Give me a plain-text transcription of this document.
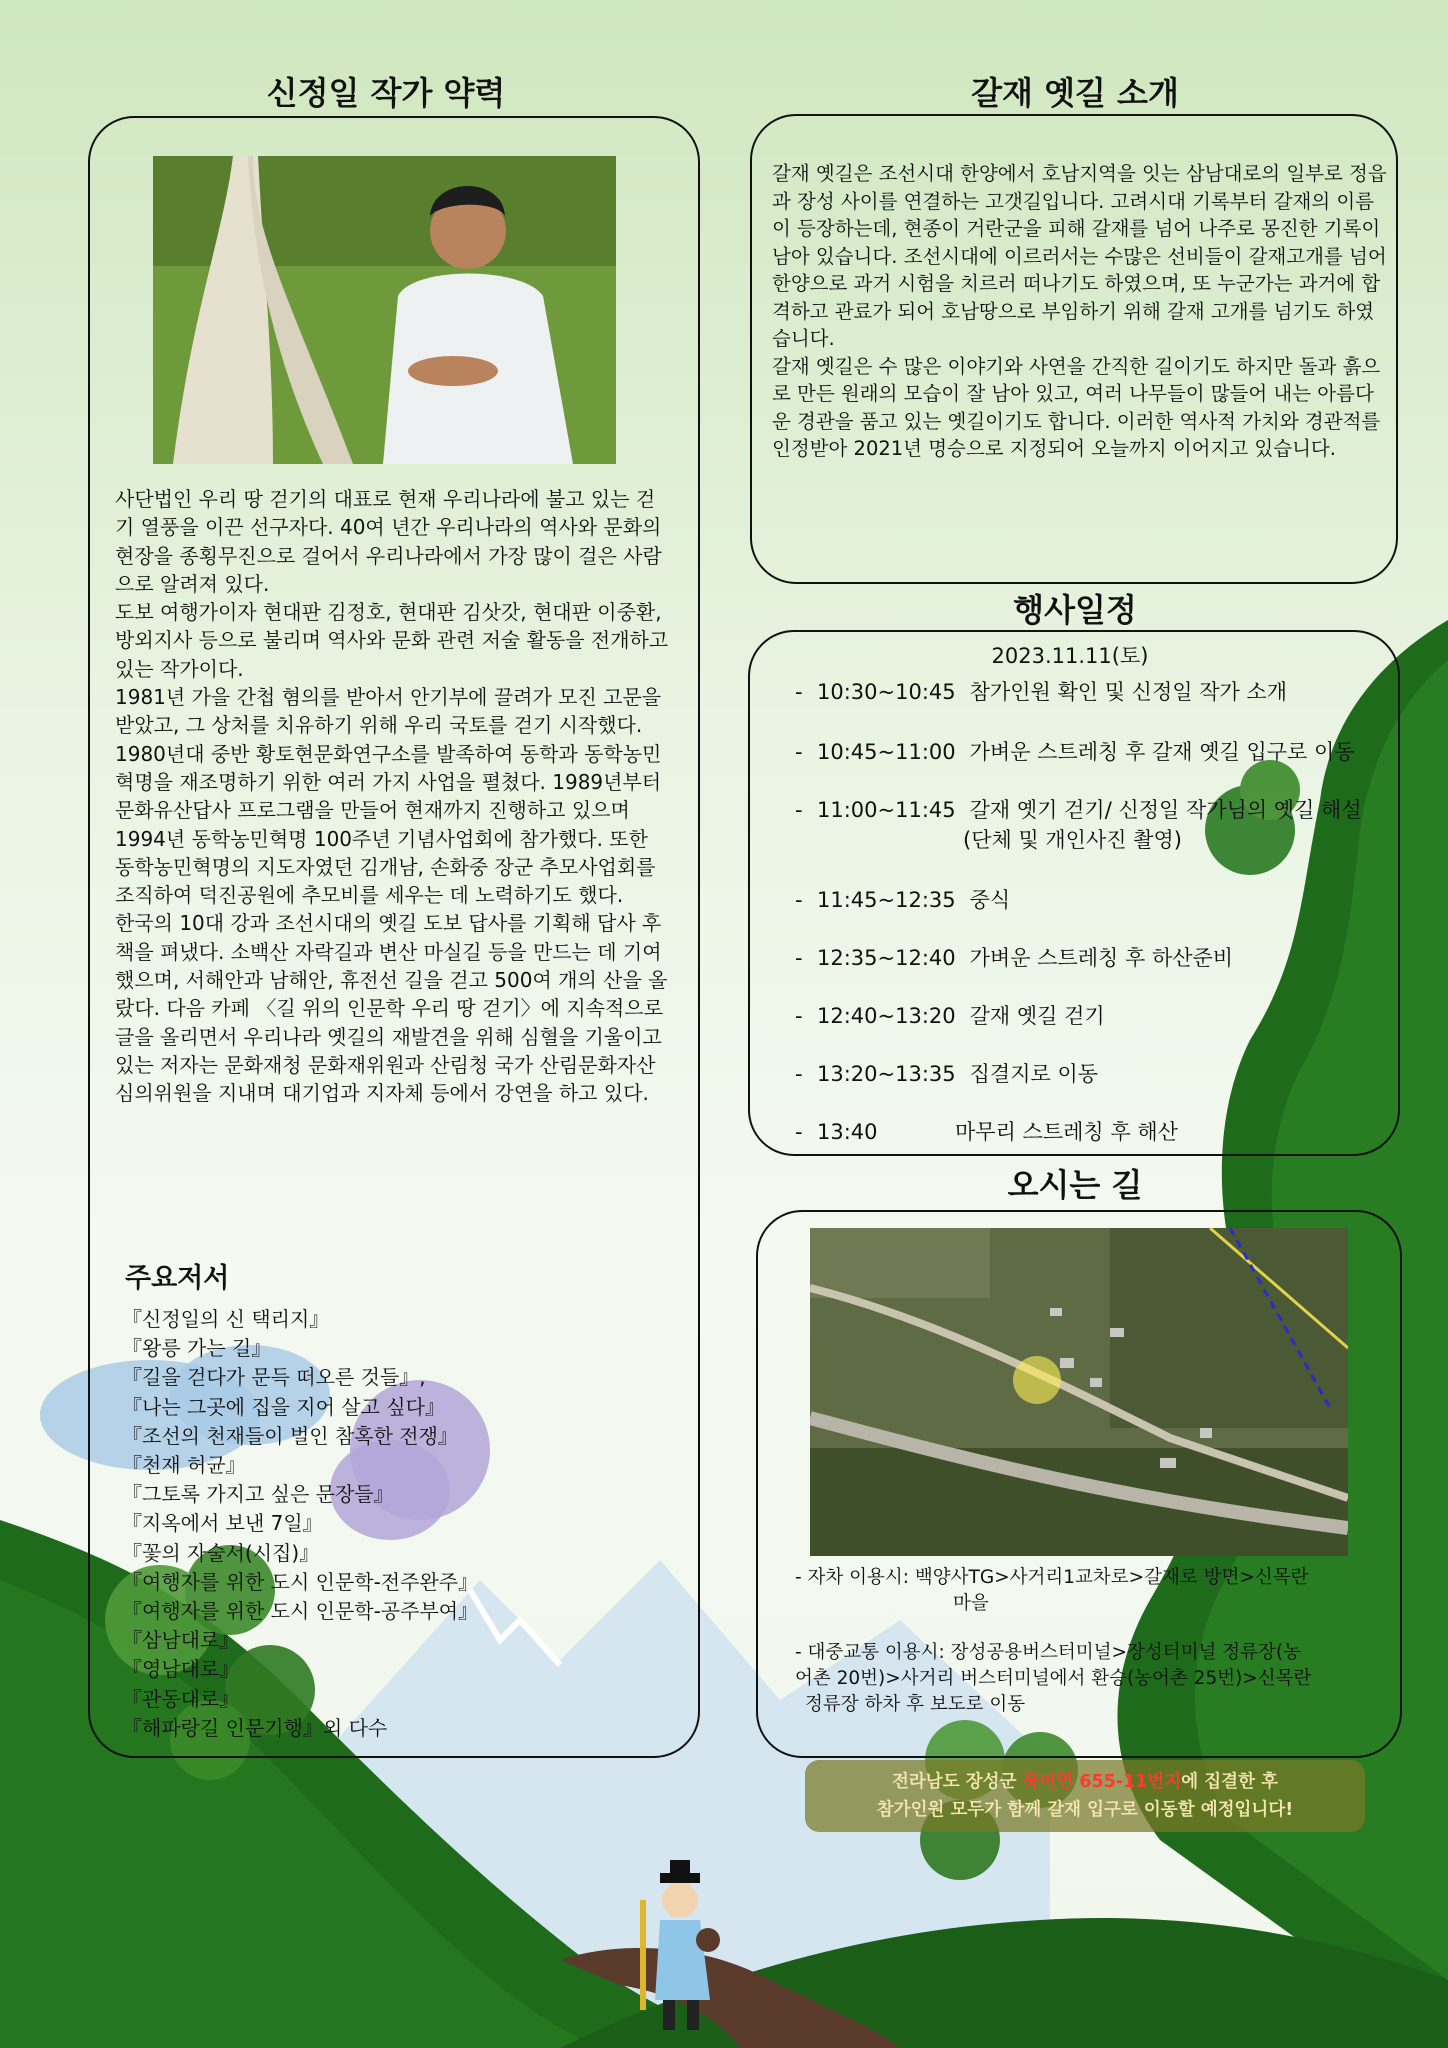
신정일 작가 약력

사단법인 우리 땅 걷기의 대표로 현재 우리나라에 불고 있는 걷기 열풍을 이끈 선구자다. 40여 년간 우리나라의 역사와 문화의 현장을 종횡무진으로 걸어서 우리나라에서 가장 많이 걸은 사람으로 알려져 있다.

도보 여행가이자 현대판 김정호, 현대판 김삿갓, 현대판 이중환, 방외지사 등으로 불리며 역사와 문화 관련 저술 활동을 전개하고 있는 작가이다.

1981년 가을 간첩 혐의를 받아서 안기부에 끌려가 모진 고문을 받았고, 그 상처를 치유하기 위해 우리 국토를 걷기 시작했다.

1980년대 중반 황토현문화연구소를 발족하여 동학과 동학농민혁명을 재조명하기 위한 여러 가지 사업을 펼쳤다. 1989년부터 문화유산답사 프로그램을 만들어 현재까지 진행하고 있으며 1994년 동학농민혁명 100주년 기념사업회에 참가했다. 또한 동학농민혁명의 지도자였던 김개남, 손화중 장군 추모사업회를 조직하여 덕진공원에 추모비를 세우는 데 노력하기도 했다.

한국의 10대 강과 조선시대의 옛길 도보 답사를 기획해 답사 후 책을 펴냈다. 소백산 자락길과 변산 마실길 등을 만드는 데 기여했으며, 서해안과 남해안, 휴전선 길을 걷고 500여 개의 산을 올랐다. 다음 카페 〈길 위의 인문학 우리 땅 걷기〉에 지속적으로 글을 올리면서 우리나라 옛길의 재발견을 위해 심혈을 기울이고 있는 저자는 문화재청 문화재위원과 산림청 국가 산림문화자산 심의위원을 지내며 대기업과 지자체 등에서 강연을 하고 있다.

주요저서
『신정일의 신 택리지』
『왕릉 가는 길』
『길을 걷다가 문득 떠오른 것들』,
『나는 그곳에 집을 지어 살고 싶다』
『조선의 천재들이 벌인 참혹한 전쟁』
『천재 허균』
『그토록 가지고 싶은 문장들』
『지옥에서 보낸 7일』
『꽃의 자술서(시집)』
『여행자를 위한 도시 인문학-전주완주』
『여행자를 위한 도시 인문학-공주부여』
『삼남대로』
『영남대로』
『관동대로』
『해파랑길 인문기행』외 다수
갈재 옛길 소개

갈재 옛길은 조선시대 한양에서 호남지역을 잇는 삼남대로의 일부로 정읍과 장성 사이를 연결하는 고갯길입니다. 고려시대 기록부터 갈재의 이름이 등장하는데, 현종이 거란군을 피해 갈재를 넘어 나주로 몽진한 기록이 남아 있습니다. 조선시대에 이르러서는 수많은 선비들이 갈재고개를 넘어 한양으로 과거 시험을 치르러 떠나기도 하였으며, 또 누군가는 과거에 합격하고 관료가 되어 호남땅으로 부임하기 위해 갈재 고개를 넘기도 하였습니다.

갈재 옛길은 수 많은 이야기와 사연을 간직한 길이기도 하지만 돌과 흙으로 만든 원래의 모습이 잘 남아 있고, 여러 나무들이 많들어 내는 아름다운 경관을 품고 있는 옛길이기도 합니다. 이러한 역사적 가치와 경관적를 인정받아 2021년 명승으로 지정되어 오늘까지 이어지고 있습니다.

행사일정

2023.11.11(토)

- 10:30~10:45 참가인원 확인 및 신정일 작가 소개
- 10:45~11:00 가벼운 스트레칭 후 갈재 옛길 입구로 이동
- 11:00~11:45 갈재 옛기 걷기/ 신정일 작가님의 옛길 해설
(단체 및 개인사진 촬영)
- 11:45~12:35 중식
- 12:35~12:40 가벼운 스트레칭 후 하산준비
- 12:40~13:20 갈재 옛길 걷기
- 13:20~13:35 집결지로 이동
- 13:40	마무리 스트레칭 후 해산
오시는 길
- 자차 이용시: 백양사TG>사거리1교차로>갈재로 방면>신목란
마을
- 대중교통 이용시: 장성공용버스터미널>장성터미널 정류장(농
어촌 20번)>사거리 버스터미널에서 환승(농어촌 25번)>신목란
정류장 하차 후 보도로 이동
전라남도 장성군 북이면 655-11번지에 집결한 후
참가인원 모두가 함께 갈재 입구로 이동할 예정입니다!
